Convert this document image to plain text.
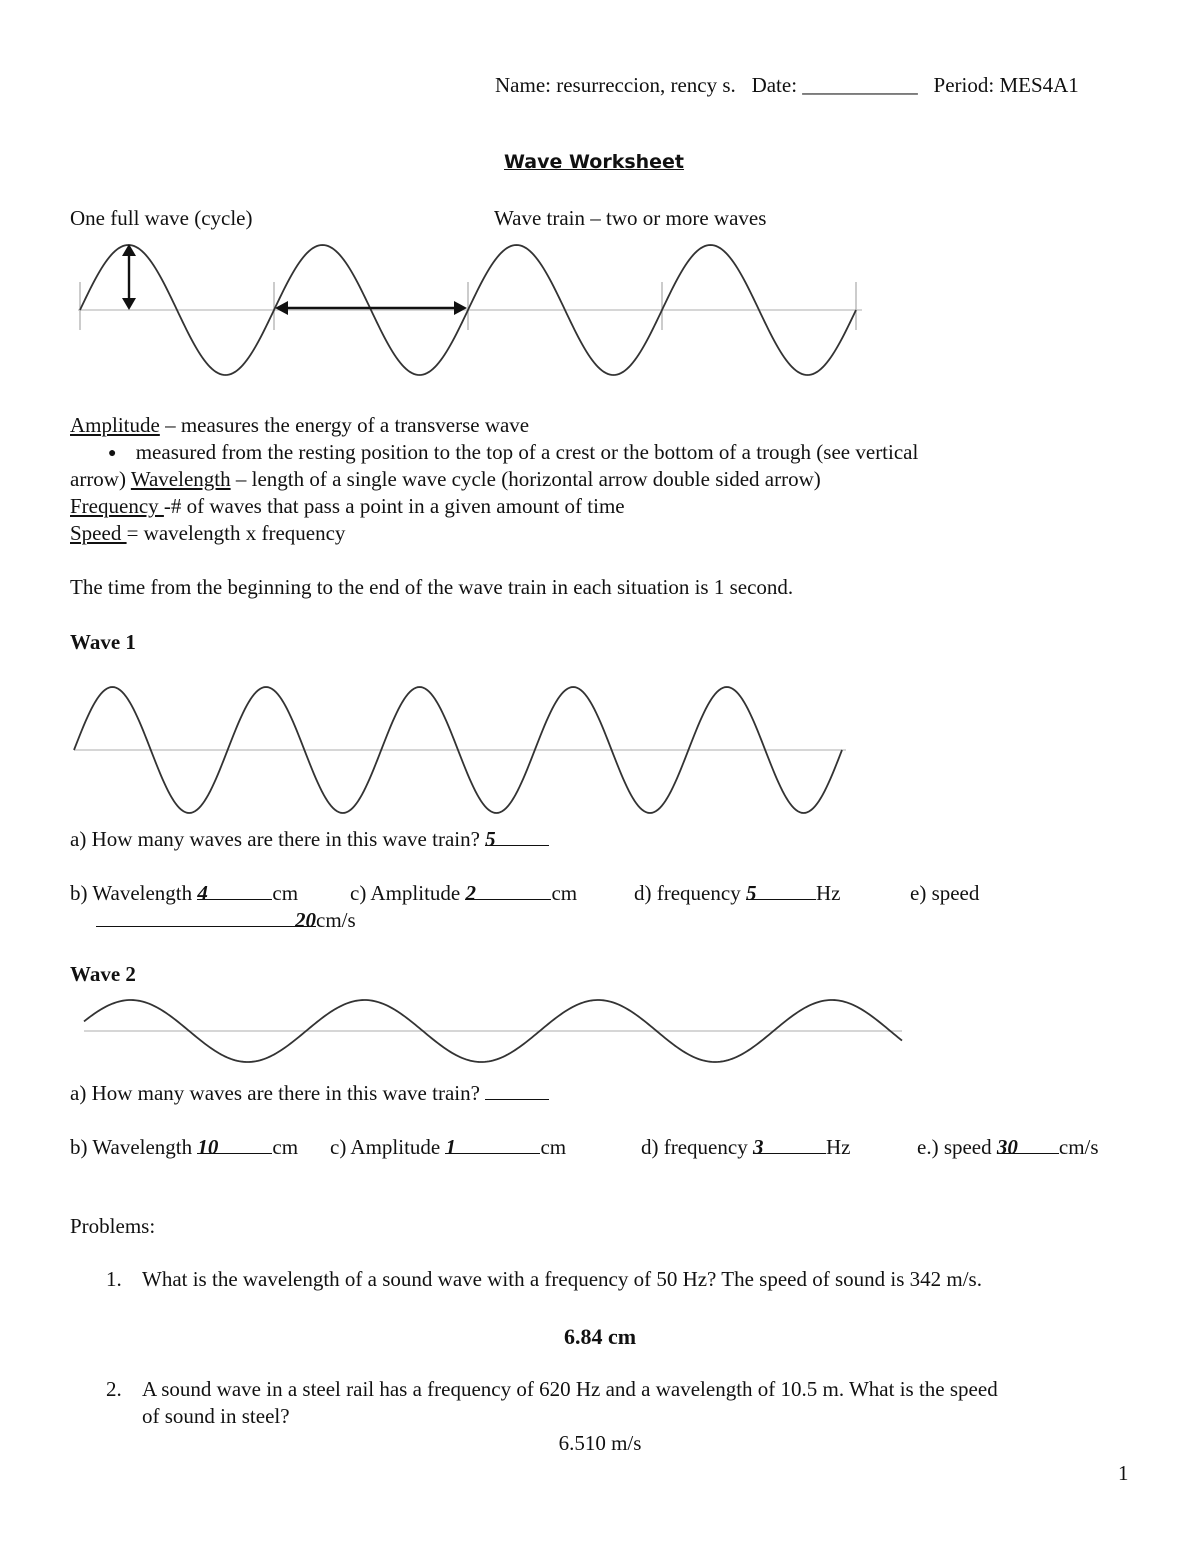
Name: resurreccion, rency s. Date: ___________ Period: MES4A1
Wave Worksheet
One full wave (cycle)	Wave train – two or more waves
Amplitude – measures the energy of a transverse wave
● measured from the resting position to the top of a crest or the bottom of a trough (see vertical
arrow) Wavelength – length of a single wave cycle (horizontal arrow double sided arrow)
Frequency -# of waves that pass a point in a given amount of time
Speed = wavelength x frequency
The time from the beginning to the end of the wave train in each situation is 1 second.
Wave 1
a) How many waves are there in this wave train? 5
b) Wavelength 4	cm c) Amplitude 2	cm	d) frequency 5	Hz	e) speed
20cm/s
Wave 2
a) How many waves are there in this wave train?
b) Wavelength 10	cm c) Amplitude 1	cm	d) frequency 3	Hz	e.) speed 30 cm/s
Problems:
1. What is the wavelength of a sound wave with a frequency of 50 Hz? The speed of sound is 342 m/s.
6.84 cm
2. A sound wave in a steel rail has a frequency of 620 Hz and a wavelength of 10.5 m. What is the speed
of sound in steel?
6.510 m/s
1
